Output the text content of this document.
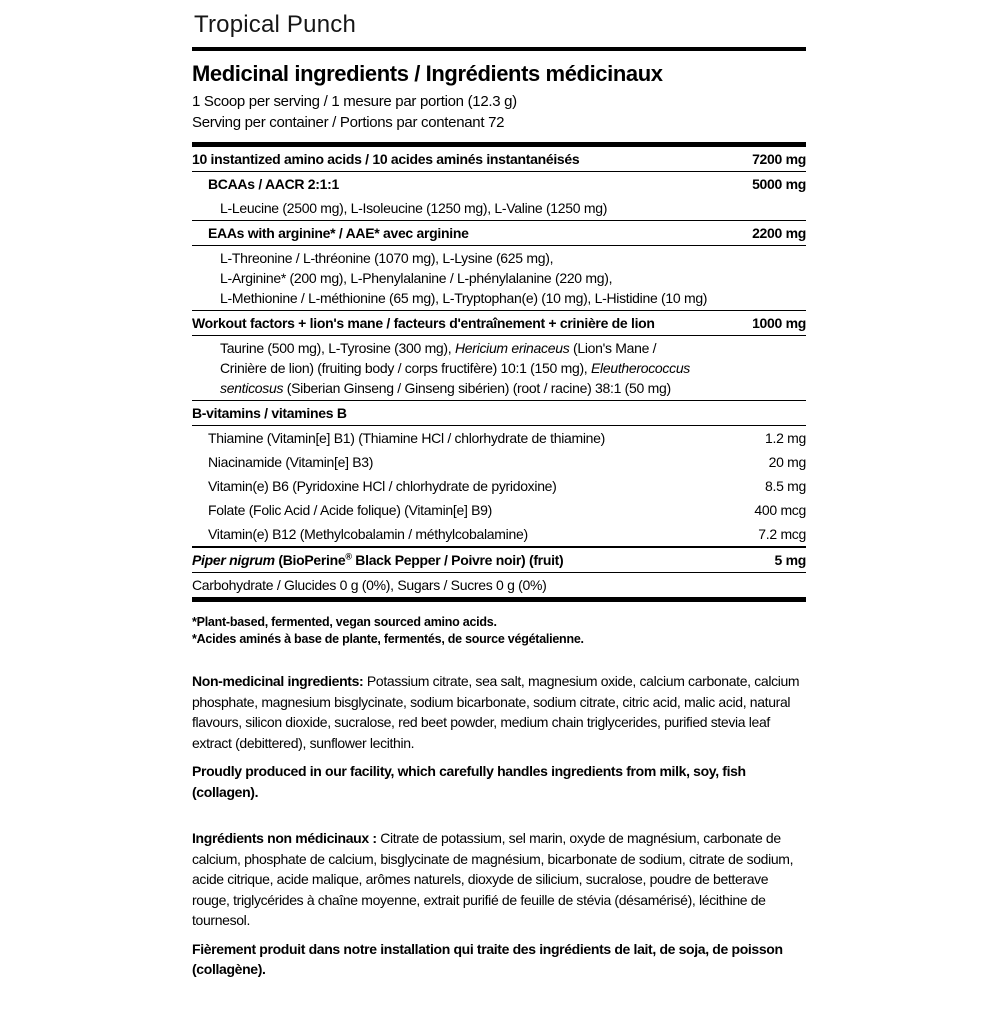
Tropical Punch
Medicinal ingredients / Ingrédients médicinaux
1 Scoop per serving / 1 mesure par portion (12.3 g)
Serving per container / Portions par contenant 72
10 instantized amino acids / 10 acides aminés instantanéisés	7200 mg
BCAAs / AACR 2:1:1	5000 mg
L-Leucine (2500 mg), L-Isoleucine (1250 mg), L-Valine (1250 mg)
EAAs with arginine* / AAE* avec arginine	2200 mg
L-Threonine / L-thréonine (1070 mg), L-Lysine (625 mg),
L-Arginine* (200 mg), L-Phenylalanine / L-phénylalanine (220 mg),
L-Methionine / L-méthionine (65 mg), L-Tryptophan(e) (10 mg), L-Histidine (10 mg)
Workout factors + lion's mane / facteurs d'entraînement + crinière de lion	1000 mg
Taurine (500 mg), L-Tyrosine (300 mg), Hericium erinaceus (Lion's Mane /
Crinière de lion) (fruiting body / corps fructifère) 10:1 (150 mg), Eleutherococcus
senticosus (Siberian Ginseng / Ginseng sibérien) (root / racine) 38:1 (50 mg)
B-vitamins / vitamines B
Thiamine (Vitamin[e] B1) (Thiamine HCl / chlorhydrate de thiamine)	1.2 mg
Niacinamide (Vitamin[e] B3)	20 mg
Vitamin(e) B6 (Pyridoxine HCl / chlorhydrate de pyridoxine)	8.5 mg
Folate (Folic Acid / Acide folique) (Vitamin[e] B9)	400 mcg
Vitamin(e) B12 (Methylcobalamin / méthylcobalamine)	7.2 mcg
Piper nigrum (BioPerine® Black Pepper / Poivre noir) (fruit)	5 mg
Carbohydrate / Glucides 0 g (0%), Sugars / Sucres 0 g (0%)
*Plant-based, fermented, vegan sourced amino acids.
*Acides aminés à base de plante, fermentés, de source végétalienne.
Non-medicinal ingredients: Potassium citrate, sea salt, magnesium oxide, calcium carbonate, calcium phosphate, magnesium bisglycinate, sodium bicarbonate, sodium citrate, citric acid, malic acid, natural flavours, silicon dioxide, sucralose, red beet powder, medium chain triglycerides, purified stevia leaf extract (debittered), sunflower lecithin.
Proudly produced in our facility, which carefully handles ingredients from milk, soy, fish (collagen).
Ingrédients non médicinaux : Citrate de potassium, sel marin, oxyde de magnésium, carbonate de calcium, phosphate de calcium, bisglycinate de magnésium, bicarbonate de sodium, citrate de sodium, acide citrique, acide malique, arômes naturels, dioxyde de silicium, sucralose, poudre de betterave rouge, triglycérides à chaîne moyenne, extrait purifié de feuille de stévia (désamérisé), lécithine de tournesol.
Fièrement produit dans notre installation qui traite des ingrédients de lait, de soja, de poisson (collagène).
